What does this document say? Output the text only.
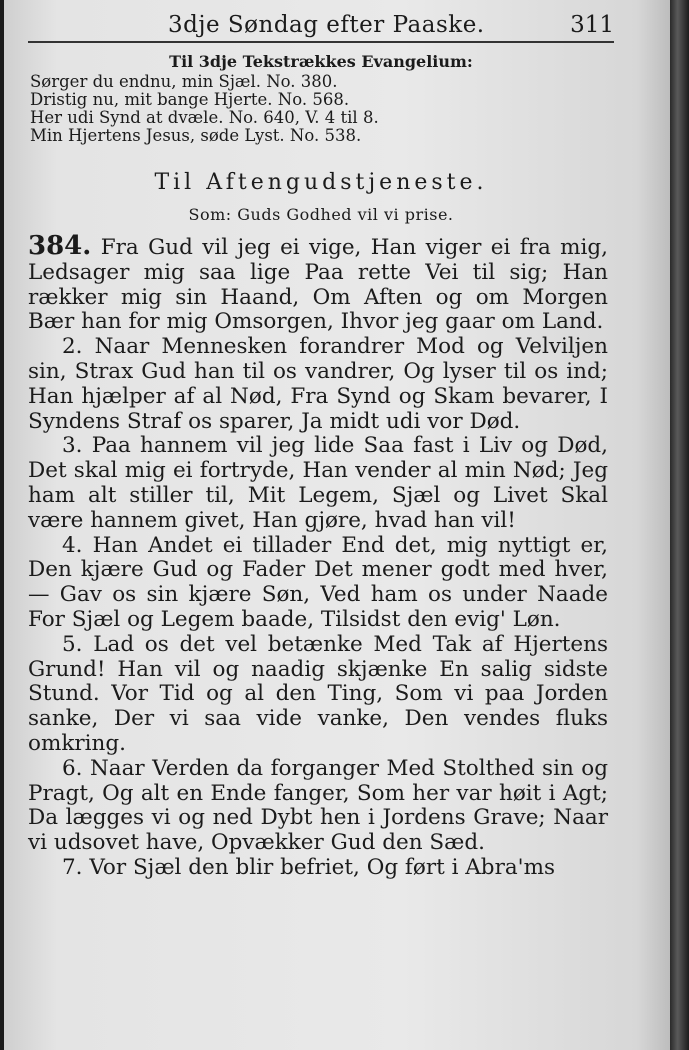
3dje Søndag efter Paaske.	311
Til 3dje Tekstrækkes Evangelium:
Sørger du endnu, min Sjæl. No. 380.
Dristig nu, mit bange Hjerte. No. 568.
Her udi Synd at dvæle. No. 640, V. 4 til 8.
Min Hjertens Jesus, søde Lyst. No. 538.
Til Aftengudstjeneste.
Som: Guds Godhed vil vi prise.

384. Fra Gud vil jeg ei vige, Han viger ei fra mig, Ledsager mig saa lige Paa rette Vei til sig; Han rækker mig sin Haand, Om Aften og om Morgen Bær han for mig Omsorgen, Ihvor jeg gaar om Land.

2. Naar Mennesken forandrer Mod og Velviljen sin, Strax Gud han til os vandrer, Og lyser til os ind; Han hjælper af al Nød, Fra Synd og Skam bevarer, I Syndens Straf os sparer, Ja midt udi vor Død.

3. Paa hannem vil jeg lide Saa fast i Liv og Død, Det skal mig ei fortryde, Han vender al min Nød; Jeg ham alt stiller til, Mit Legem, Sjæl og Livet Skal være hannem givet, Han gjøre, hvad han vil!

4. Han Andet ei tillader End det, mig nyttigt er, Den kjære Gud og Fader Det mener godt med hver, — Gav os sin kjære Søn, Ved ham os under Naade For Sjæl og Legem baade, Tilsidst den evig' Løn.

5. Lad os det vel betænke Med Tak af Hjertens Grund! Han vil og naadig skjænke En salig sidste Stund. Vor Tid og al den Ting, Som vi paa Jorden sanke, Der vi saa vide vanke, Den vendes fluks omkring.

6. Naar Verden da forganger Med Stolthed sin og Pragt, Og alt en Ende fanger, Som her var høit i Agt; Da lægges vi og ned Dybt hen i Jordens Grave; Naar vi udsovet have, Opvækker Gud den Sæd.

7. Vor Sjæl den blir befriet, Og ført i Abra'ms
